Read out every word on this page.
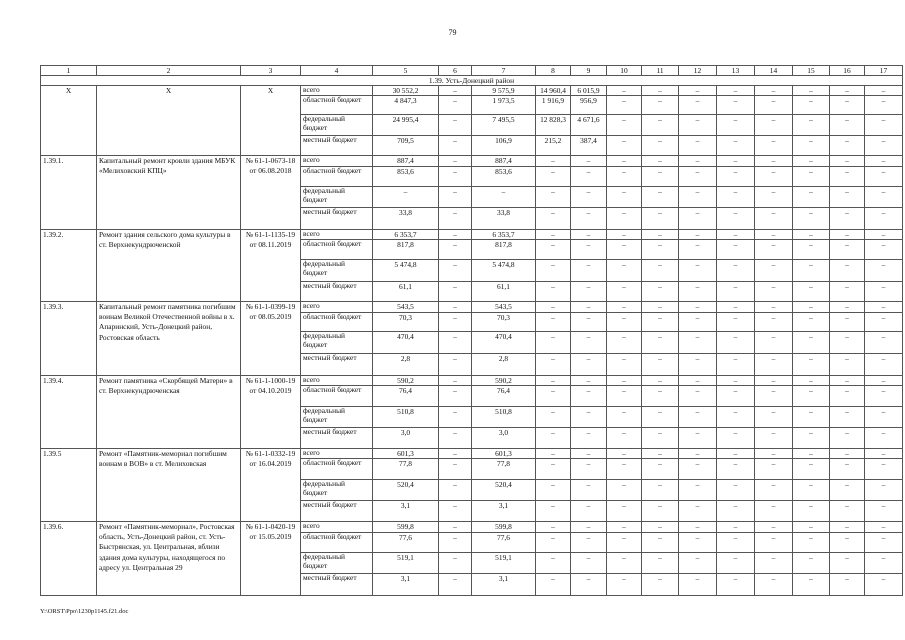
79
1	2	3	4	5	6	7	8	9	10	11	12	13	14	15	16	17
1.39. Усть-Донецкий район																
X	X	X	всего	30 552,2	–	9 575,9	14 960,4	6 015,9	–	–	–	–	–	–	–	–
			областной бюджет	4 847,3	–	1 973,5	1 916,9	956,9	–	–	–	–	–	–	–	–
			федеральный бюджет	24 995,4	–	7 495,5	12 828,3	4 671,6	–	–	–	–	–	–	–	–
			местный бюджет	709,5	–	106,9	215,2	387,4	–	–	–	–	–	–	–	–
1.39.1.	Капитальный ремонт кровли здания МБУК «Мелиховский КПЦ»	№ 61-1-0673-18 от 06.08.2018	всего	887,4	–	887,4	–	–	–	–	–	–	–	–	–	–
			областной бюджет	853,6	–	853,6	–	–	–	–	–	–	–	–	–	–
			федеральный бюджет	–	–	–	–	–	–	–	–	–	–	–	–	–
			местный бюджет	33,8	–	33,8	–	–	–	–	–	–	–	–	–	–
1.39.2.	Ремонт здания сельского дома культуры в ст. Верхнекундрюченской	№ 61-1-1135-19 от 08.11.2019	всего	6 353,7	–	6 353,7	–	–	–	–	–	–	–	–	–	–
			областной бюджет	817,8	–	817,8	–	–	–	–	–	–	–	–	–	–
			федеральный бюджет	5 474,8	–	5 474,8	–	–	–	–	–	–	–	–	–	–
			местный бюджет	61,1	–	61,1	–	–	–	–	–	–	–	–	–	–
1.39.3.	Капитальный ремонт памятника погибшим воинам Великой Отечественной войны в х. Апаринский, Усть-Донецкий район, Ростовская область	№ 61-1-0399-19 от 08.05.2019	всего	543,5	–	543,5	–	–	–	–	–	–	–	–	–	–
			областной бюджет	70,3	–	70,3	–	–	–	–	–	–	–	–	–	–
			федеральный бюджет	470,4	–	470,4	–	–	–	–	–	–	–	–	–	–
			местный бюджет	2,8	–	2,8	–	–	–	–	–	–	–	–	–	–
1.39.4.	Ремонт памятника «Скорбящей Матери» в ст. Верхнекундрюченская	№ 61-1-1000-19 от 04.10.2019	всего	590,2	–	590,2	–	–	–	–	–	–	–	–	–	–
			областной бюджет	76,4	–	76,4	–	–	–	–	–	–	–	–	–	–
			федеральный бюджет	510,8	–	510,8	–	–	–	–	–	–	–	–	–	–
			местный бюджет	3,0	–	3,0	–	–	–	–	–	–	–	–	–	–
1.39.5	Ремонт «Памятник-мемориал погибшим воинам в ВОВ» в ст. Мелиховская	№ 61-1-0332-19 от 16.04.2019	всего	601,3	–	601,3	–	–	–	–	–	–	–	–	–	–
			областной бюджет	77,8	–	77,8	–	–	–	–	–	–	–	–	–	–
			федеральный бюджет	520,4	–	520,4	–	–	–	–	–	–	–	–	–	–
			местный бюджет	3,1	–	3,1	–	–	–	–	–	–	–	–	–	–
1.39.6.	Ремонт «Памятник-мемориал», Ростовская область, Усть-Донецкий район, ст. Усть-Быстрянская, ул. Центральная, вблизи здания дома культуры, находящегося по адресу ул. Центральная 29	№ 61-1-0420-19 от 15.05.2019	всего	599,8	–	599,8	–	–	–	–	–	–	–	–	–	–
			областной бюджет	77,6	–	77,6	–	–	–	–	–	–	–	–	–	–
			федеральный бюджет	519,1	–	519,1	–	–	–	–	–	–	–	–	–	–
			местный бюджет	3,1	–	3,1	–	–	–	–	–	–	–	–	–	–
Y:\ORST\Ppo\1230p1145.f21.doc
